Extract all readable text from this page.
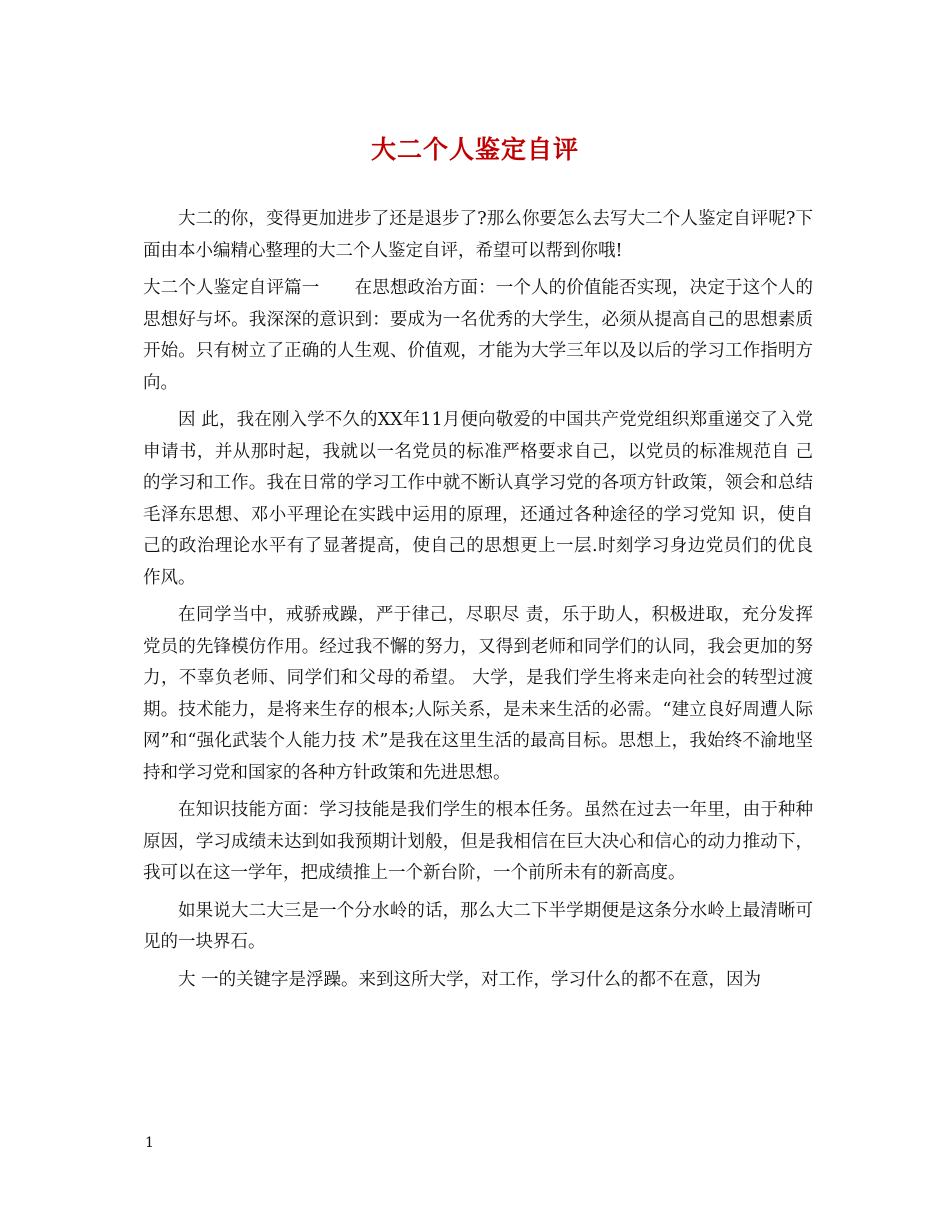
大二个人鉴定自评

大二的你，变得更加进步了还是退步了?那么你要怎么去写大二个人鉴定自评呢?下面由本小编精心整理的大二个人鉴定自评，希望可以帮到你哦!

大二个人鉴定自评篇一　　在思想政治方面：一个人的价值能否实现，决定于这个人的思想好与坏。我深深的意识到：要成为一名优秀的大学生，必须从提高自己的思想素质开始。只有树立了正确的人生观、价值观，才能为大学三年以及以后的学习工作指明方向。

因 此，我在刚入学不久的XX年11月便向敬爱的中国共产党党组织郑重递交了入党申请书，并从那时起，我就以一名党员的标准严格要求自己，以党员的标准规范自 己的学习和工作。我在日常的学习工作中就不断认真学习党的各项方针政策，领会和总结毛泽东思想、邓小平理论在实践中运用的原理，还通过各种途径的学习党知 识，使自己的政治理论水平有了显著提高，使自己的思想更上一层.时刻学习身边党员们的优良作风。

在同学当中，戒骄戒躁，严于律己，尽职尽 责，乐于助人，积极进取，充分发挥党员的先锋模仿作用。经过我不懈的努力，又得到老师和同学们的认同，我会更加的努力，不辜负老师、同学们和父母的希望。 大学，是我们学生将来走向社会的转型过渡期。技术能力，是将来生存的根本;人际关系，是未来生活的必需。“建立良好周遭人际网”和“强化武装个人能力技 术”是我在这里生活的最高目标。思想上，我始终不渝地坚持和学习党和国家的各种方针政策和先进思想。

在知识技能方面：学习技能是我们学生的根本任务。虽然在过去一年里，由于种种原因，学习成绩未达到如我预期计划般，但是我相信在巨大决心和信心的动力推动下，我可以在这一学年，把成绩推上一个新台阶，一个前所未有的新高度。

如果说大二大三是一个分水岭的话，那么大二下半学期便是这条分水岭上最清晰可见的一块界石。

大 一的关键字是浮躁。来到这所大学，对工作，学习什么的都不在意，因为

1
